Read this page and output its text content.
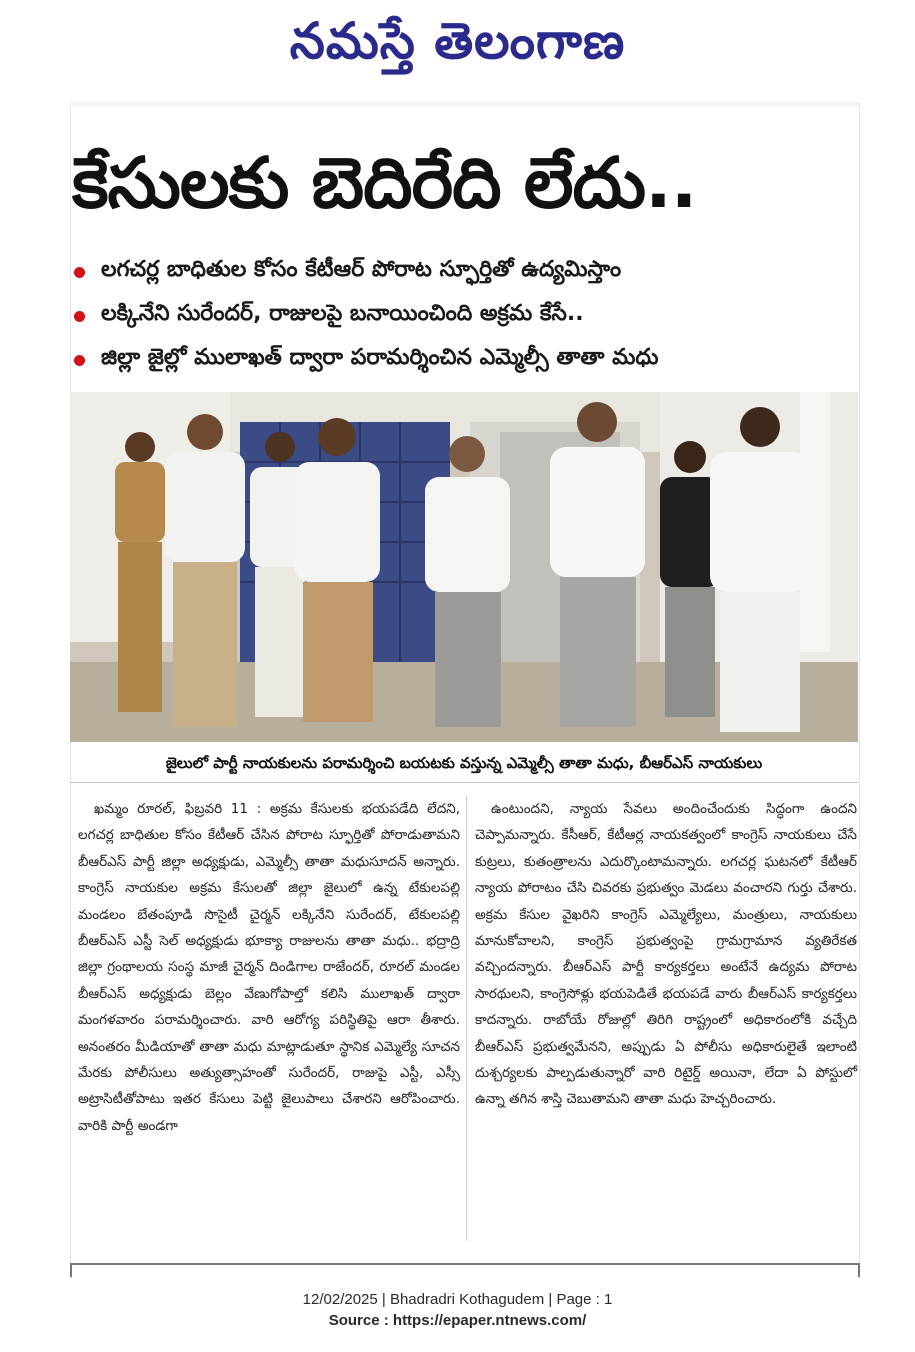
నమస్తే తెలంగాణ
కేసులకు బెదిరేది లేదు..
లగచర్ల బాధితుల కోసం కేటీఆర్ పోరాట స్ఫూర్తితో ఉద్యమిస్తాం
లక్కినేని సురేందర్, రాజులపై బనాయించింది అక్రమ కేసే..
జిల్లా జైల్లో ములాఖత్ ద్వారా పరామర్శించిన ఎమ్మెల్సీ తాతా మధు
జైలులో పార్టీ నాయకులను పరామర్శించి బయటకు వస్తున్న ఎమ్మెల్సీ తాతా మధు, బీఆర్ఎస్ నాయకులు

ఖమ్మం రూరల్, ఫిబ్రవరి 11 : అక్రమ కేసులకు భయపడేది లేదని, లగచర్ల బాధితుల కోసం కేటీఆర్ చేసిన పోరాట స్ఫూర్తితో పోరాడుతామని బీఆర్ఎస్ పార్టీ జిల్లా అధ్యక్షుడు, ఎమ్మెల్సీ తాతా మధుసూదన్ అన్నారు. కాంగ్రెస్ నాయకుల అక్రమ కేసులతో జిల్లా జైలులో ఉన్న టేకులపల్లి మండలం బేతంపూడి సొసైటీ చైర్మన్ లక్కినేని సురేందర్, టేకులపల్లి బీఆర్ఎస్ ఎస్టీ సెల్ అధ్యక్షుడు భూక్యా రాజులను తాతా మధు.. భద్రాద్రి జిల్లా గ్రంథాలయ సంస్థ మాజీ చైర్మన్ దిండిగాల రాజేందర్, రూరల్ మండల బీఆర్ఎస్ అధ్యక్షుడు బెల్లం వేణుగోపాల్తో కలిసి ములాఖత్ ద్వారా మంగళవారం పరామర్శించారు. వారి ఆరోగ్య పరిస్థితిపై ఆరా తీశారు. అనంతరం మీడియాతో తాతా మధు మాట్లాడుతూ స్థానిక ఎమ్మెల్యే సూచన మేరకు పోలీసులు అత్యుత్సాహంతో సురేందర్, రాజుపై ఎస్టీ, ఎస్సీ అట్రాసిటీతోపాటు ఇతర కేసులు పెట్టి జైలుపాలు చేశారని ఆరోపించారు. వారికి పార్టీ అండగా

ఉంటుందని, న్యాయ సేవలు అందించేందుకు సిద్ధంగా ఉందని చెప్పామన్నారు. కేసీఆర్, కేటీఆర్ల నాయకత్వంలో కాంగ్రెస్ నాయకులు చేసే కుట్రలు, కుతంత్రాలను ఎదుర్కొంటామన్నారు. లగచర్ల ఘటనలో కేటీఆర్ న్యాయ పోరాటం చేసి చివరకు ప్రభుత్వం మెడలు వంచారని గుర్తు చేశారు. అక్రమ కేసుల వైఖరిని కాంగ్రెస్ ఎమ్మెల్యేలు, మంత్రులు, నాయకులు మానుకోవాలని, కాంగ్రెస్ ప్రభుత్వంపై గ్రామగ్రామాన వ్యతిరేకత వచ్చిందన్నారు. బీఆర్ఎస్ పార్టీ కార్యకర్తలు అంటేనే ఉద్యమ పోరాట సారథులని, కాంగ్రెసోళ్లు భయపెడితే భయపడే వారు బీఆర్ఎస్ కార్యకర్తలు కాదన్నారు. రాబోయే రోజుల్లో తిరిగి రాష్ట్రంలో అధికారంలోకి వచ్చేది బీఆర్ఎస్ ప్రభుత్వమేనని, అప్పుడు ఏ పోలీసు అధికారులైతే ఇలాంటి దుశ్చర్యలకు పాల్పడుతున్నారో వారి రిటైర్డ్ అయినా, లేదా ఏ పోస్టులో ఉన్నా తగిన శాస్తి చెబుతామని తాతా మధు హెచ్చరించారు.

12/02/2025 | Bhadradri Kothagudem | Page : 1
Source : https://epaper.ntnews.com/
